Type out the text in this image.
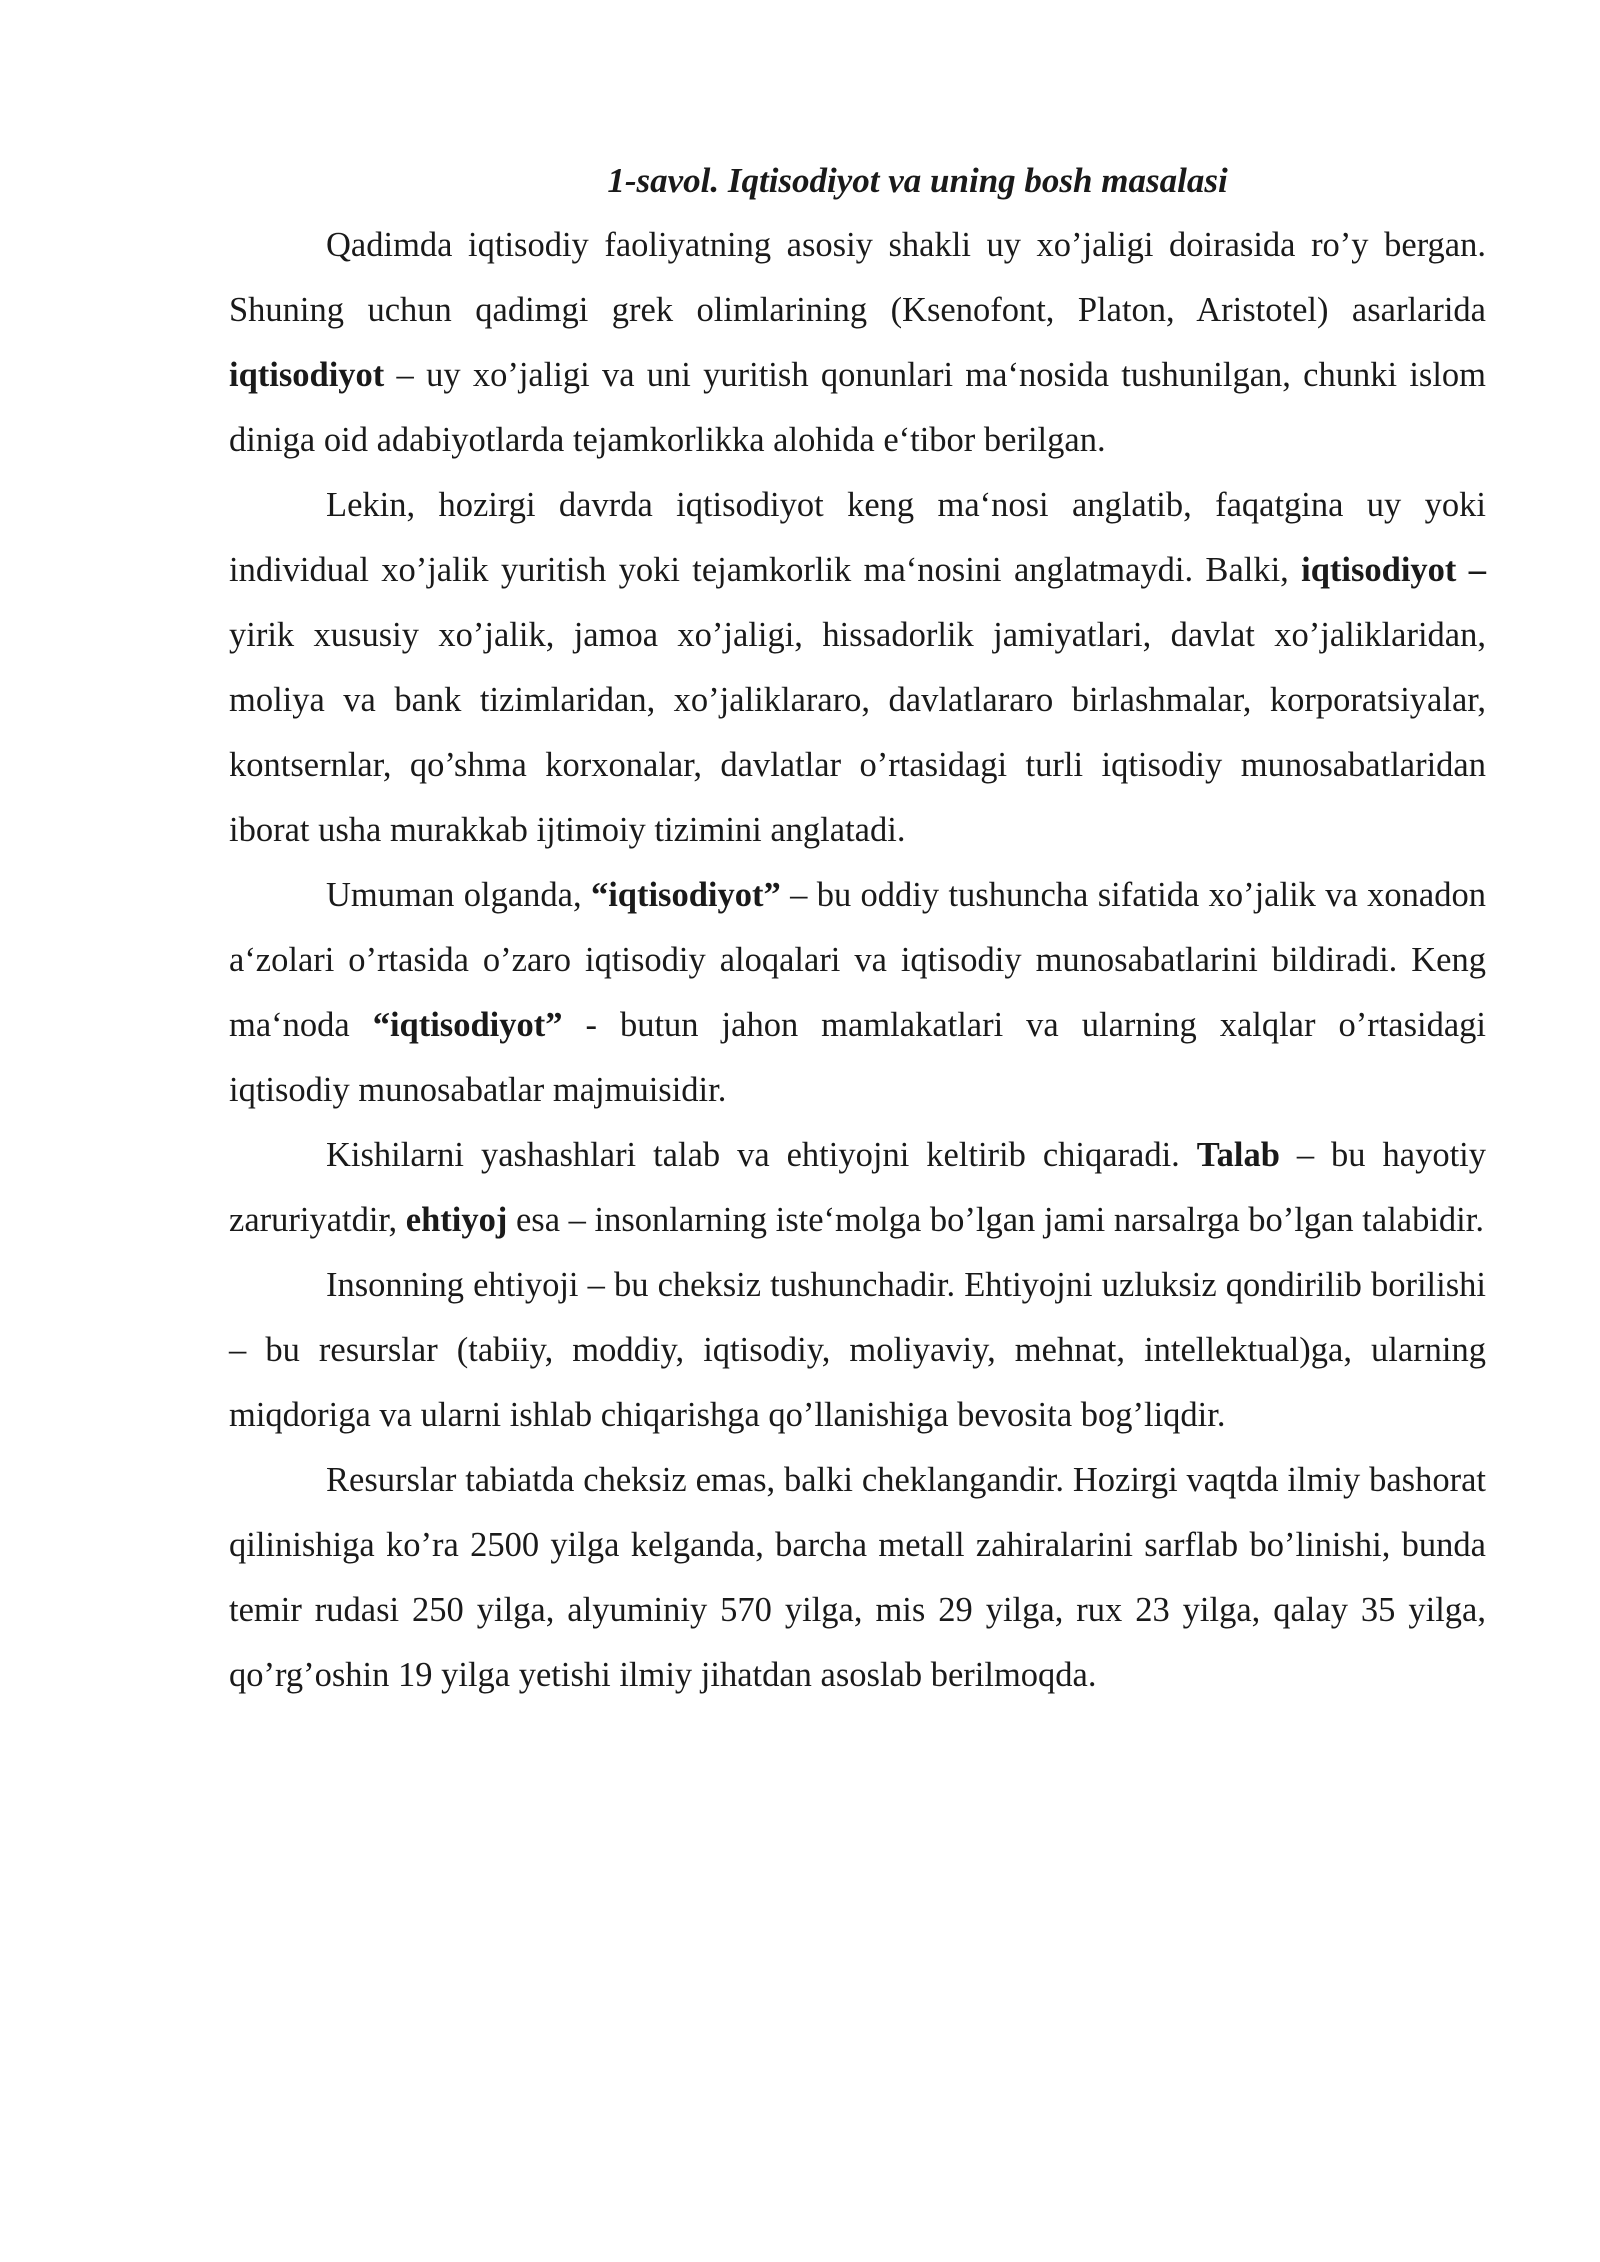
1-savol. Iqtisodiyot va uning bosh masalasi

Qadimda iqtisodiy faoliyatning asosiy shakli uy xo’jaligi doirasida ro’y bergan. Shuning uchun qadimgi grek olimlarining (Ksenofont, Platon, Aristotel) asarlarida iqtisodiyot – uy xo’jaligi va uni yuritish qonunlari ma‘nosida tushunilgan, chunki islom diniga oid adabiyotlarda tejamkorlikka alohida e‘tibor berilgan.

Lekin, hozirgi davrda iqtisodiyot keng ma‘nosi anglatib, faqatgina uy yoki individual xo’jalik yuritish yoki tejamkorlik ma‘nosini anglatmaydi. Balki, iqtisodiyot – yirik xususiy xo’jalik, jamoa xo’jaligi, hissadorlik jamiyatlari, davlat xo’jaliklaridan, moliya va bank tizimlaridan, xo’jaliklararo, davlatlararo birlashmalar, korporatsiyalar, kontsernlar, qo’shma korxonalar, davlatlar o’rtasidagi turli iqtisodiy munosabatlaridan iborat usha murakkab ijtimoiy tizimini anglatadi.

Umuman olganda, “iqtisodiyot” – bu oddiy tushuncha sifatida xo’jalik va xonadon a‘zolari o’rtasida o’zaro iqtisodiy aloqalari va iqtisodiy munosabatlarini bildiradi. Keng ma‘noda “iqtisodiyot” - butun jahon mamlakatlari va ularning xalqlar o’rtasidagi iqtisodiy munosabatlar majmuisidir.

Kishilarni yashashlari talab va ehtiyojni keltirib chiqaradi. Talab – bu hayotiy zaruriyatdir, ehtiyoj esa – insonlarning iste‘molga bo’lgan jami narsalrga bo’lgan talabidir.

Insonning ehtiyoji – bu cheksiz tushunchadir. Ehtiyojni uzluksiz qondirilib borilishi – bu resurslar (tabiiy, moddiy, iqtisodiy, moliyaviy, mehnat, intellektual)ga, ularning miqdoriga va ularni ishlab chiqarishga qo’llanishiga bevosita bog’liqdir.

Resurslar tabiatda cheksiz emas, balki cheklangandir. Hozirgi vaqtda ilmiy bashorat qilinishiga ko’ra 2500 yilga kelganda, barcha metall zahiralarini sarflab bo’linishi, bunda temir rudasi 250 yilga, alyuminiy 570 yilga, mis 29 yilga, rux 23 yilga, qalay 35 yilga, qo’rg’oshin 19 yilga yetishi ilmiy jihatdan asoslab berilmoqda.
